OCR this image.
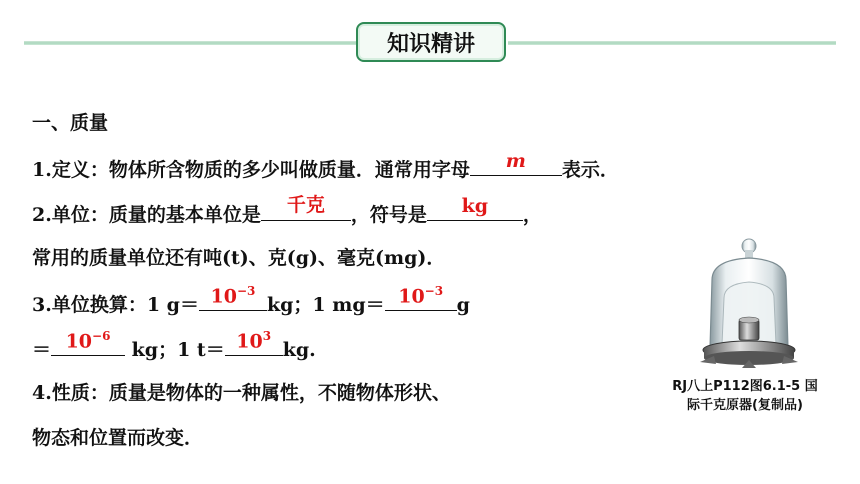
知识精讲
一、质量
1.定义：物体所含物质的多少叫做质量．通常用字母	m	表示．
2.单位：质量的基本单位是	千克	，符号是	kg	，
常用的质量单位还有吨(t)、克(g)、毫克(mg)．
3.单位换算：1 $g= 10^{-3}$
kg；1 $mg= 10^{-3}$
g
＝ $10^{-6}$
kg；1 $t= 10^3$
kg.
4.性质：质量是物体的一种属性，不随物体形状、
物态和位置而改变．
RJ八上P112图6.1-5 国
际千克原器(复制品)
